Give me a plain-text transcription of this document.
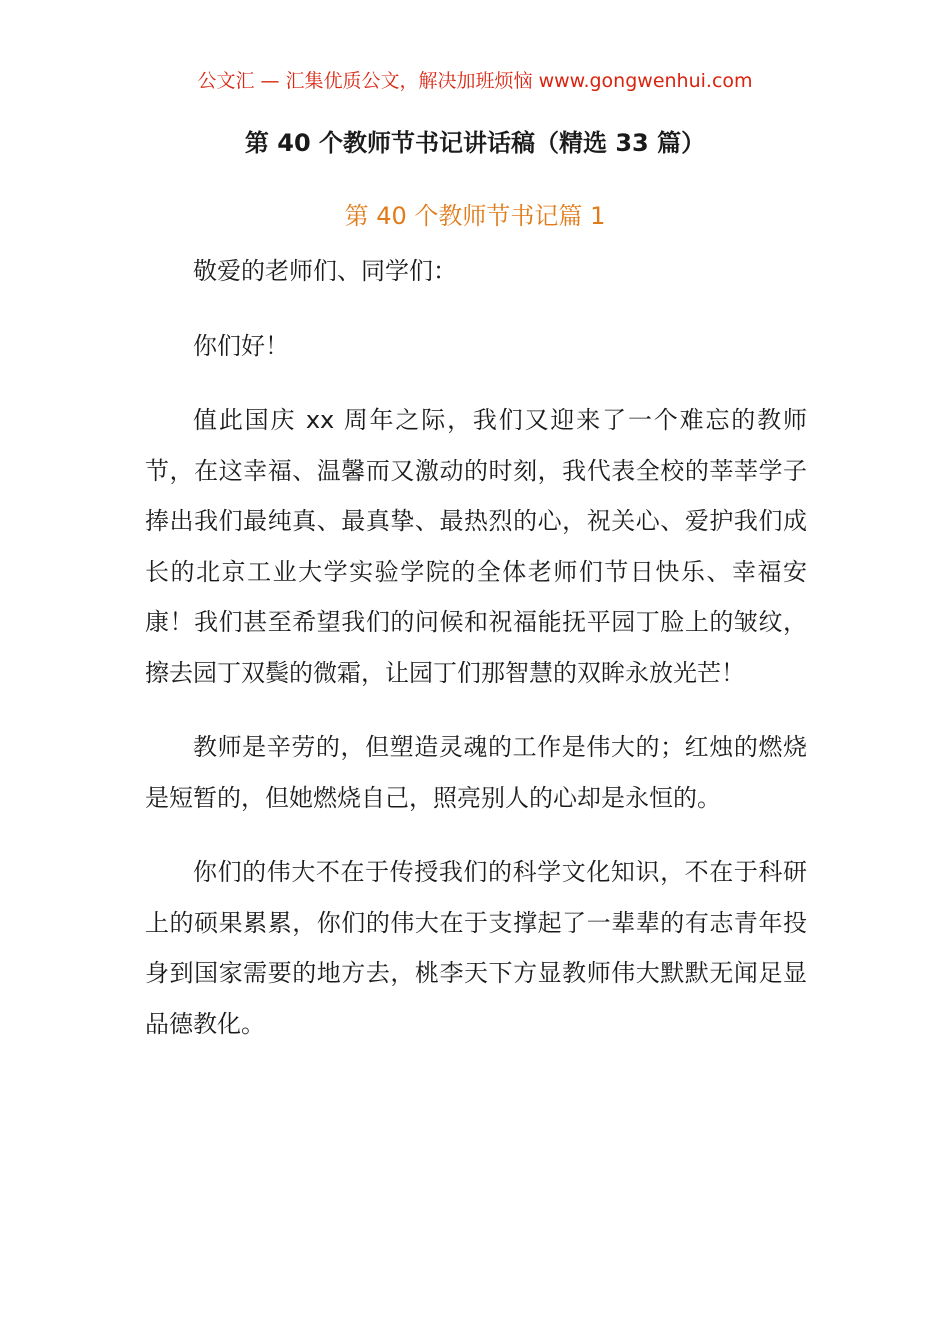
公文汇 — 汇集优质公文，解决加班烦恼 www.gongwenhui.com
第 40 个教师节书记讲话稿（精选 33 篇）
第 40 个教师节书记篇 1

敬爱的老师们、同学们：

你们好！

值此国庆 xx 周年之际，我们又迎来了一个难忘的教师节，在这幸福、温馨而又激动的时刻，我代表全校的莘莘学子捧出我们最纯真、最真挚、最热烈的心，祝关心、爱护我们成长的北京工业大学实验学院的全体老师们节日快乐、幸福安康！我们甚至希望我们的问候和祝福能抚平园丁脸上的皱纹，擦去园丁双鬓的微霜，让园丁们那智慧的双眸永放光芒！

教师是辛劳的，但塑造灵魂的工作是伟大的；红烛的燃烧是短暂的，但她燃烧自己，照亮别人的心却是永恒的。

你们的伟大不在于传授我们的科学文化知识，不在于科研上的硕果累累，你们的伟大在于支撑起了一辈辈的有志青年投身到国家需要的地方去，桃李天下方显教师伟大默默无闻足显品德教化。
